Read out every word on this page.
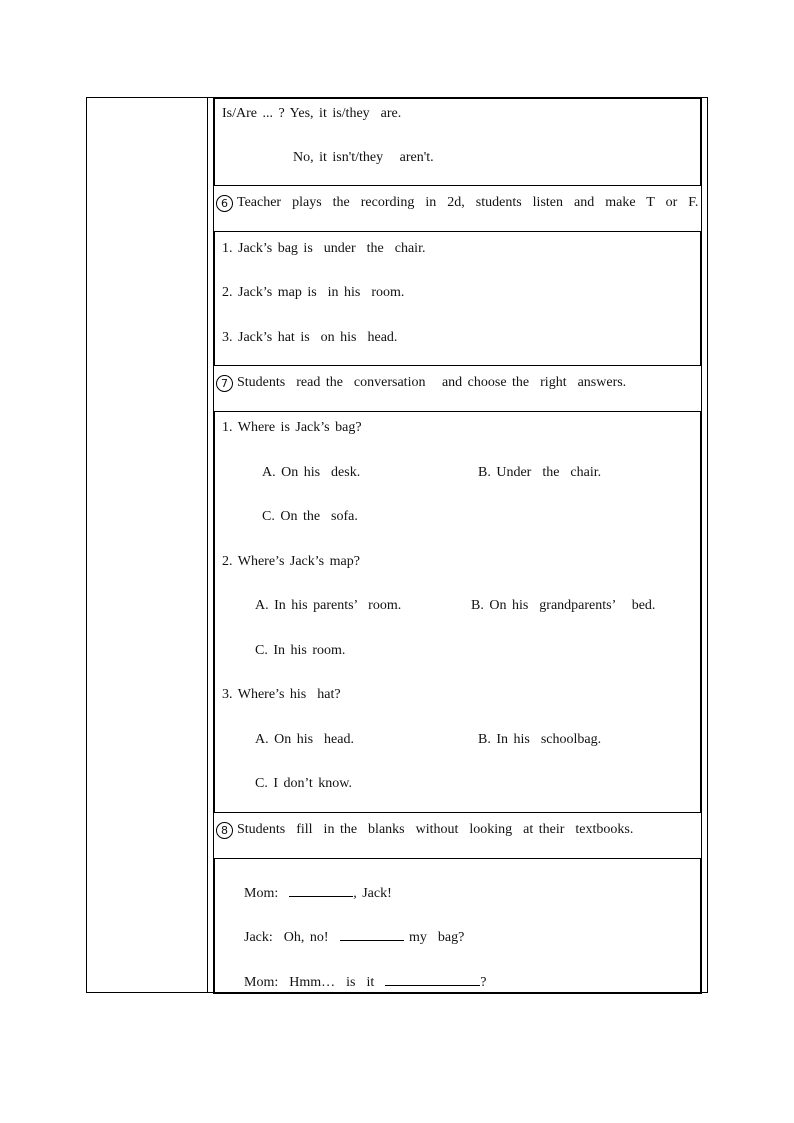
Is/Are ... ? Yes, it is/they  are.
No, it isn't/they   aren't.
6 Teacher  plays  the  recording  in  2d,  students  listen  and  make  T  or  F.
1. Jack’s bag is  under  the  chair.
2. Jack’s map is  in his  room.
3. Jack’s hat is  on his  head.
7 Students  read the  conversation   and choose the  right  answers.
1. Where is Jack’s bag?
A. On his  desk.	B. Under  the  chair.
C. On the  sofa.
2. Where’s Jack’s map?
A. In his parents’  room.	B. On his  grandparents’   bed.
C. In his room.
3. Where’s his  hat?
A. On his  head.	B. In his  schoolbag.
C. I don’t know.
8 Students  fill  in the  blanks  without  looking  at their  textbooks.

Mom:	, Jack!

Jack:  Oh, no!	my  bag?

Mom:  Hmm…  is  it	?
